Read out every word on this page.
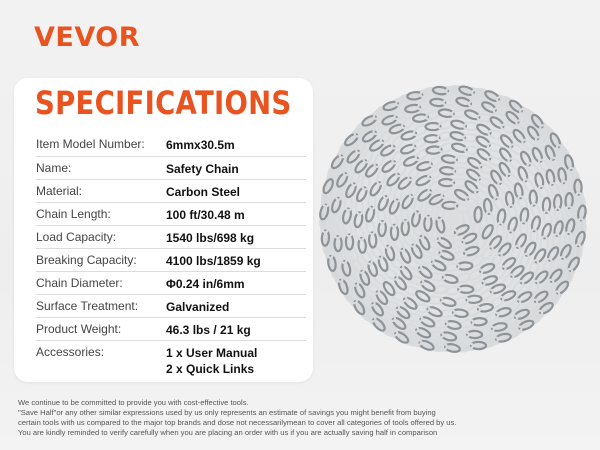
VEVOR
SPECIFICATIONS
Item Model Number:	6mmx30.5m
Name:	Safety Chain
Material:	Carbon Steel
Chain Length:	100 ft/30.48 m
Load Capacity:	1540 lbs/698 kg
Breaking Capacity:	4100 lbs/1859 kg
Chain Diameter:	Φ0.24 in/6mm
Surface Treatment:	Galvanized
Product Weight:	46.3 lbs / 21 kg
Accessories:	1 x User Manual
2 x Quick Links
We continue to be committed to provide you with cost-effective tools.
"Save Half"or any other similar expressions used by us only represents an estimate of savings you might benefit from buying
certain tools with us compared to the major top brands and dose not necessarilymean to cover all categories of tools offered by us.
You are kindly reminded to verify carefully when you are placing an order with us if you are actually saving half in comparison
